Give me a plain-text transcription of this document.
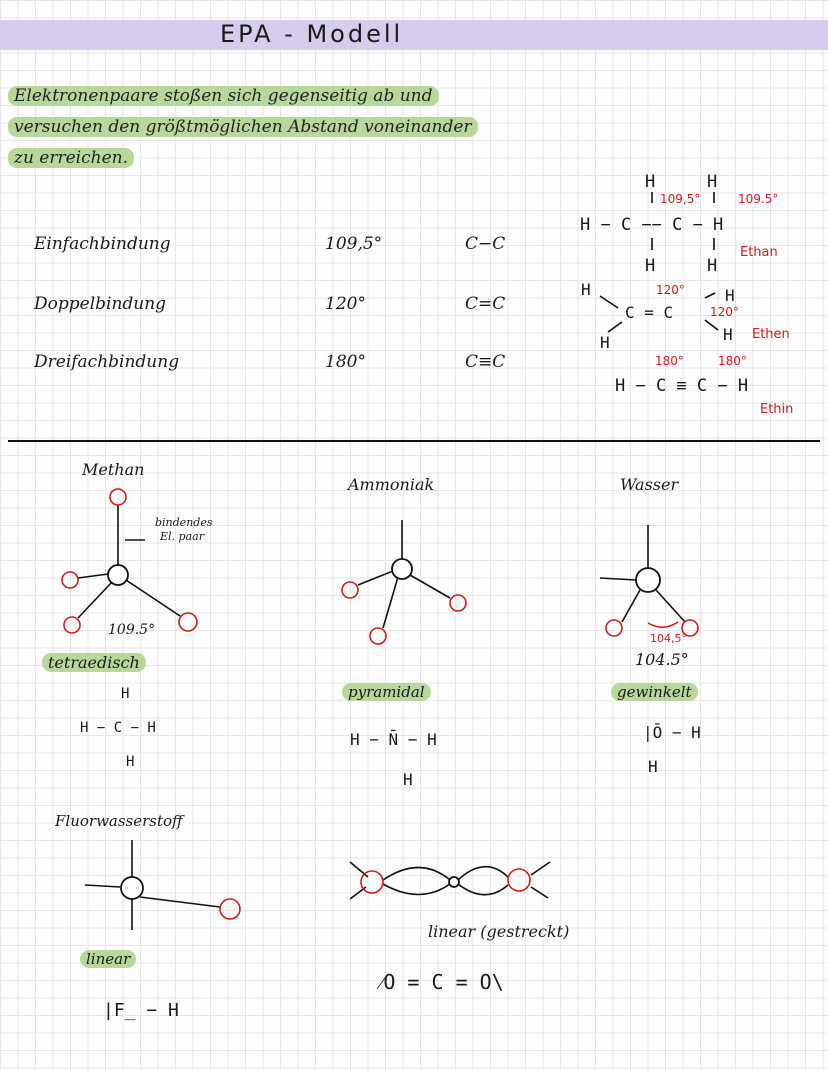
EPA - Modell
Elektronenpaare stoßen sich gegenseitig ab und
versuchen den größtmöglichen Abstand voneinander
zu erreichen.
Einfachbindung	109,5°	C−C
Doppelbindung	120°	C=C
Dreifachbindung	180°	C≡C
H	H
H − C −− C − H
H	H
109,5°	109.5°
Ethan
H	H
C = C
H	H
120°
120°
Ethen
180°	180°
H − C ≡ C − H
Ethin
Methan
bindendes
El. paar
109.5°
tetraedisch
H
H − C − H
H
Ammoniak
pyramidal
H − N̄ − H
H
Wasser
104,5°
104.5°
gewinkelt
|Ō − H
H
Fluorwasserstoff
linear
|F̲ − H
linear (gestreckt)
⁄O = C = O\
